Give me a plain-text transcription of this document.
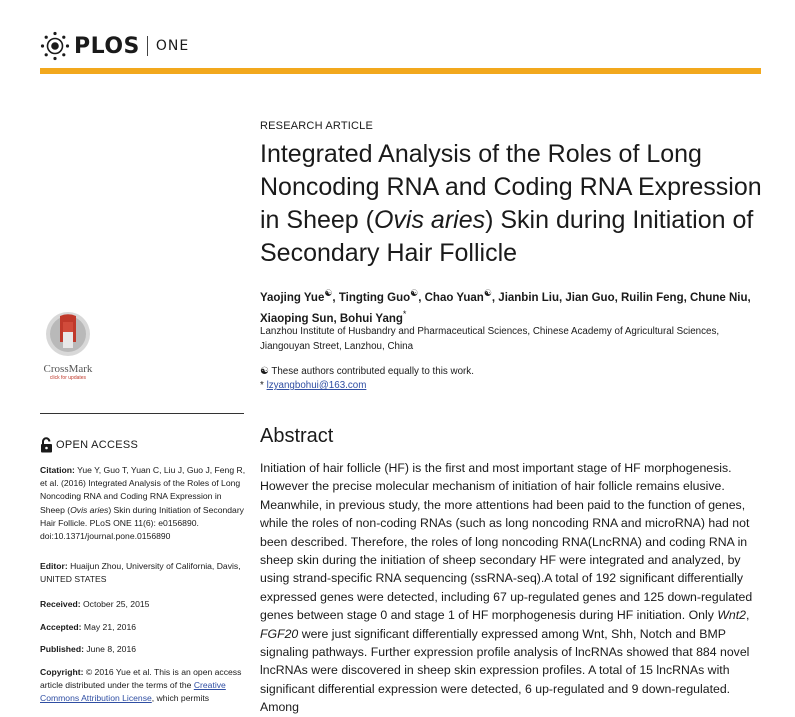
PLOS ONE
RESEARCH ARTICLE
Integrated Analysis of the Roles of Long Noncoding RNA and Coding RNA Expression in Sheep (Ovis aries) Skin during Initiation of Secondary Hair Follicle

Yaojing Yue☯, Tingting Guo☯, Chao Yuan☯, Jianbin Liu, Jian Guo, Ruilin Feng, Chune Niu, Xiaoping Sun, Bohui Yang*

Lanzhou Institute of Husbandry and Pharmaceutical Sciences, Chinese Academy of Agricultural Sciences, Jiangouyan Street, Lanzhou, China

☯ These authors contributed equally to this work.
* lzyangbohui@163.com
Abstract

Initiation of hair follicle (HF) is the first and most important stage of HF morphogenesis. However the precise molecular mechanism of initiation of hair follicle remains elusive. Meanwhile, in previous study, the more attentions had been paid to the function of genes, while the roles of non-coding RNAs (such as long noncoding RNA and microRNA) had not been described. Therefore, the roles of long noncoding RNA(LncRNA) and coding RNA in sheep skin during the initiation of sheep secondary HF were integrated and analyzed, by using strand-specific RNA sequencing (ssRNA-seq).A total of 192 significant differentially expressed genes were detected, including 67 up-regulated genes and 125 down-regulated genes between stage 0 and stage 1 of HF morphogenesis during HF initiation. Only Wnt2, FGF20 were just significant differentially expressed among Wnt, Shh, Notch and BMP signaling pathways. Further expression profile analysis of lncRNAs showed that 884 novel lncRNAs were discovered in sheep skin expression profiles. A total of 15 lncRNAs with significant differential expression were detected, 6 up-regulated and 9 down-regulated. Among

CrossMark
click for updates
OPEN ACCESS

Citation: Yue Y, Guo T, Yuan C, Liu J, Guo J, Feng R, et al. (2016) Integrated Analysis of the Roles of Long Noncoding RNA and Coding RNA Expression in Sheep (Ovis aries) Skin during Initiation of Secondary Hair Follicle. PLoS ONE 11(6): e0156890. doi:10.1371/journal.pone.0156890

Editor: Huaijun Zhou, University of California, Davis, UNITED STATES

Received: October 25, 2015

Accepted: May 21, 2016

Published: June 8, 2016

Copyright: © 2016 Yue et al. This is an open access article distributed under the terms of the Creative Commons Attribution License, which permits
